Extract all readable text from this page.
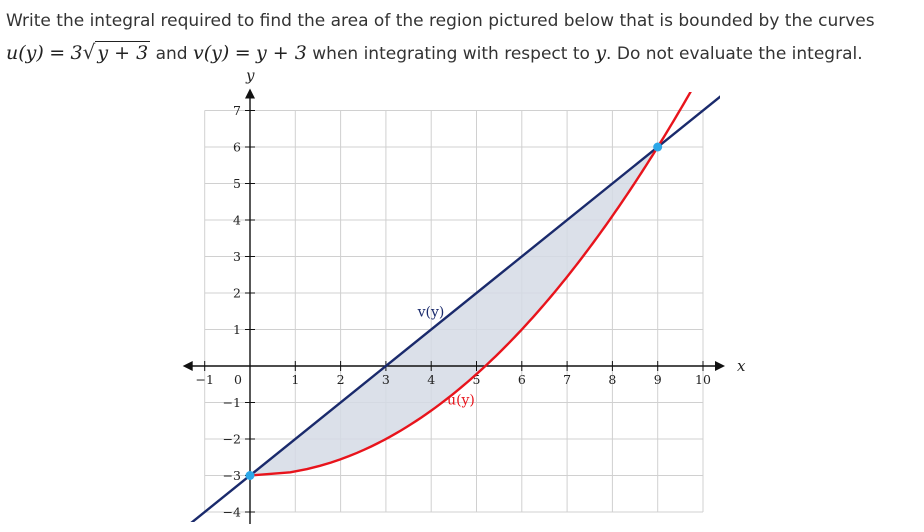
Write the integral required to find the area of the region pictured below that is bounded by the curves
u(y) = 3√ y + 3 and v(y) = y + 3 when integrating with respect to y. Do not evaluate the integral.
−1 0	1	2	3	4	5	6	7	8	9	10
−4
−3
−2
−1
1
2
3
4
5
6
7
v(y)
u(y)
x
y
